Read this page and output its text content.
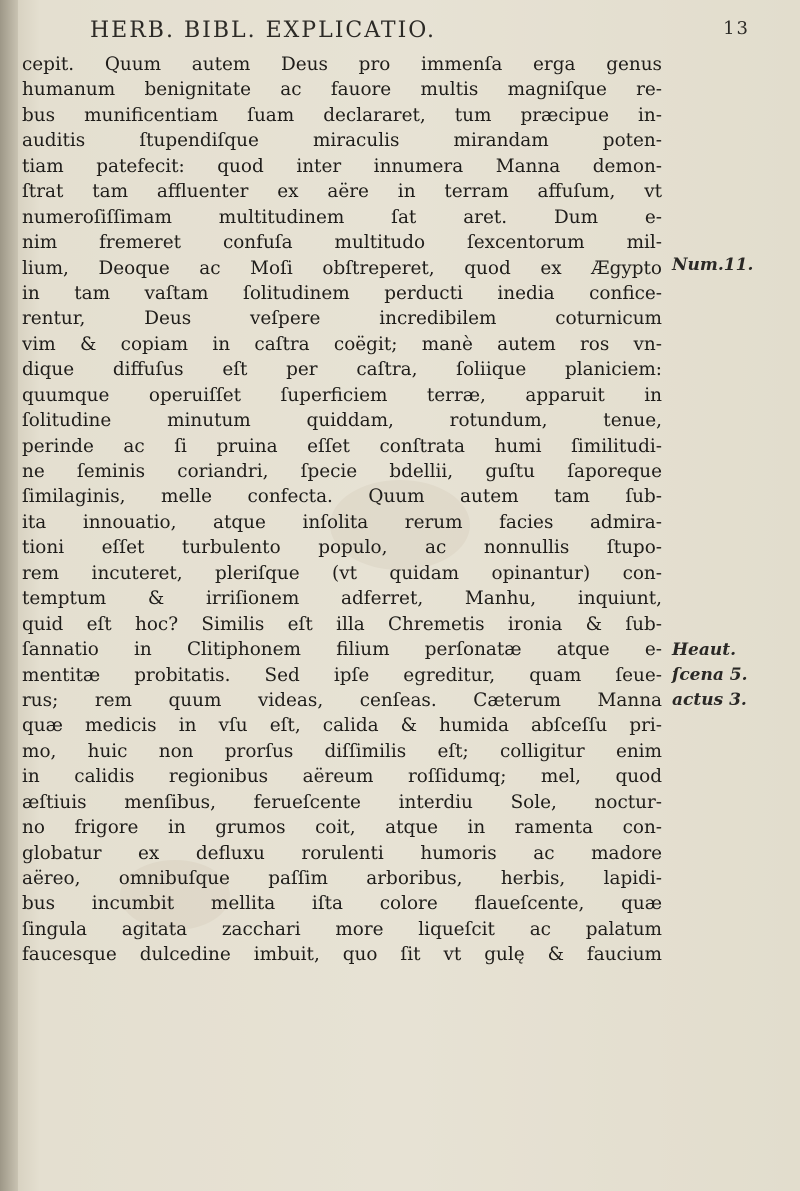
HERB. BIBL. EXPLICATIO.	13
cepit. Quum autem Deus pro immenſa erga genus
humanum benignitate ac fauore multis magniſque re-
bus munificentiam ſuam declararet, tum præcipue in-
auditis ſtupendiſque miraculis mirandam poten-
tiam patefecit: quod inter innumera Manna demon-
ſtrat tam affluenter ex aëre in terram affuſum, vt
numeroſiſſimam multitudinem ſat aret. Dum e-
nim fremeret confuſa multitudo ſexcentorum mil-
lium, Deoque ac Moſi obſtreperet, quod ex Ægypto
in tam vaſtam ſolitudinem perducti inedia confice-
rentur, Deus veſpere incredibilem coturnicum
vim & copiam in caſtra coëgit; manè autem ros vn-
dique diffuſus eſt per caſtra, ſoliique planiciem:
quumque operuiſſet ſuperficiem terræ, apparuit in
ſolitudine minutum quiddam, rotundum, tenue,
perinde ac ſi pruina eſſet conſtrata humi ſimilitudi-
ne ſeminis coriandri, ſpecie bdellii, guſtu ſaporeque
ſimilaginis, melle confecta. Quum autem tam ſub-
ita innouatio, atque inſolita rerum facies admira-
tioni eſſet turbulento populo, ac nonnullis ſtupo-
rem incuteret, pleriſque (vt quidam opinantur) con-
temptum & irriſionem adferret, Manhu, inquiunt,
quid eſt hoc? Similis eſt illa Chremetis ironia & ſub-
ſannatio in Clitiphonem filium perſonatæ atque e-
mentitæ probitatis. Sed ipſe egreditur, quam ſeue-
rus; rem quum videas, cenſeas. Cæterum Manna
quæ medicis in vſu eſt, calida & humida abſceſſu pri-
mo, huic non prorſus diſſimilis eſt; colligitur enim
in calidis regionibus aëreum roſſidumq; mel, quod
æſtiuis menſibus, feruеſcente interdiu Sole, noctur-
no frigore in grumos coit, atque in ramenta con-
globatur ex defluxu rorulenti humoris ac madore
aëreo, omnibuſque paſſim arboribus, herbis, lapidi-
bus incumbit mellita iſta colore flaueſcente, quæ
ſingula agitata zacchari more liqueſcit ac palatum
faucesque dulcedine imbuit, quo ſit vt gulę & faucium
Num.11.
Heaut.
ſcena 5.
actus 3.
